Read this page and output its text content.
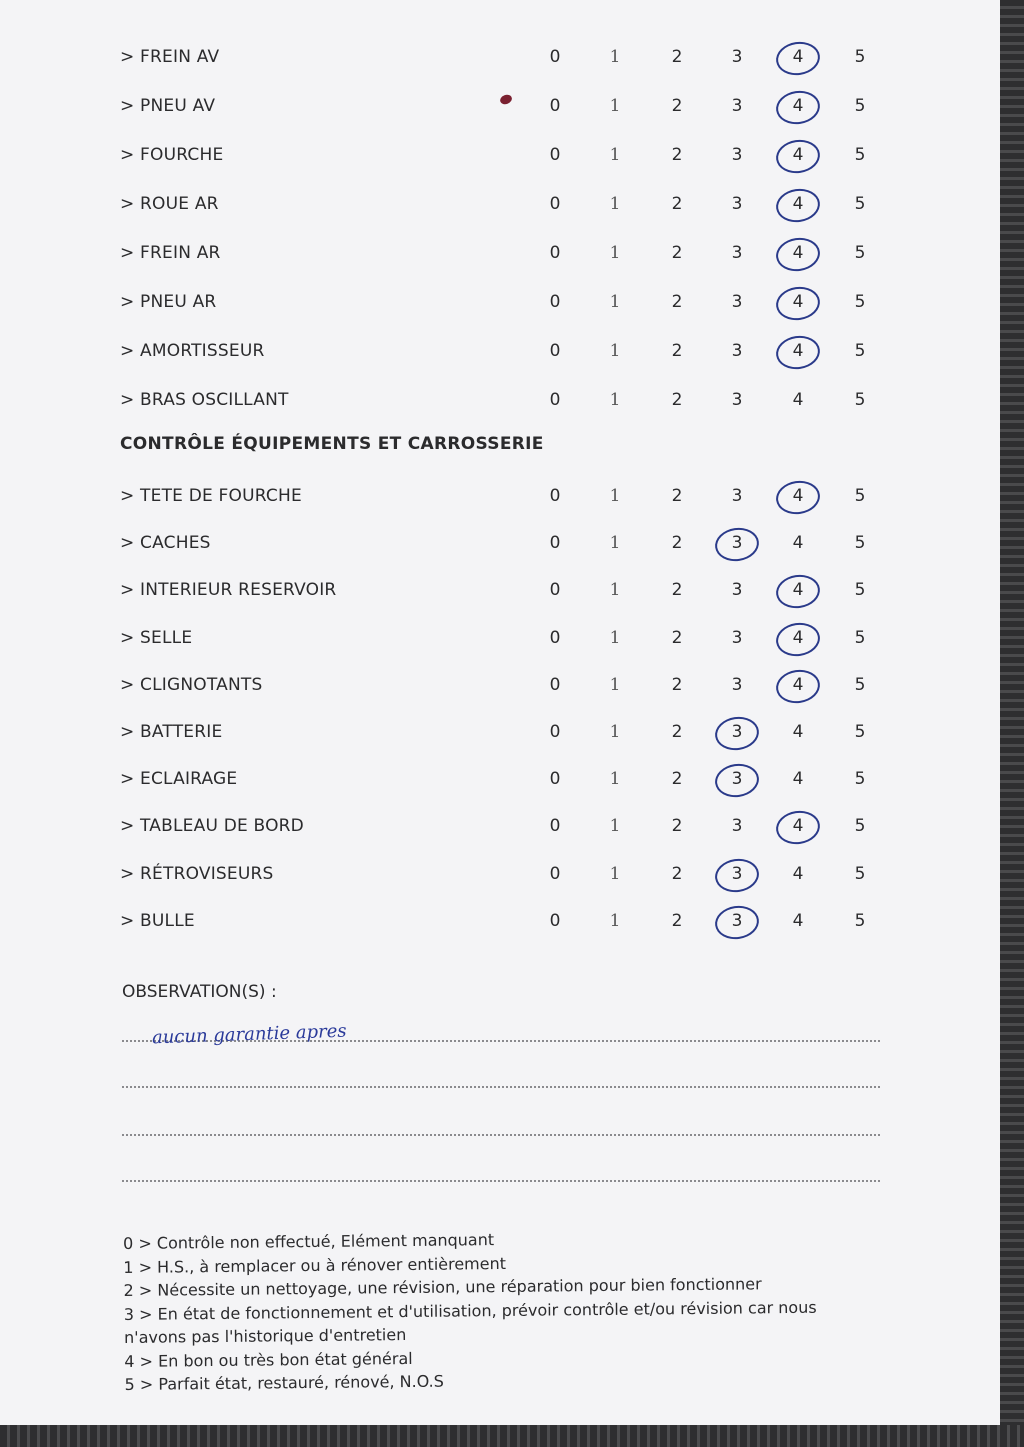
> FREIN AV	0	1	2	3	4	5
> PNEU AV	0	1	2	3	4	5
> FOURCHE	0	1	2	3	4	5
> ROUE AR	0	1	2	3	4	5
> FREIN AR	0	1	2	3	4	5
> PNEU AR	0	1	2	3	4	5
> AMORTISSEUR	0	1	2	3	4	5
> BRAS OSCILLANT	0	1	2	3	4	5
CONTRÔLE ÉQUIPEMENTS ET CARROSSERIE
> TETE DE FOURCHE	0	1	2	3	4	5
> CACHES	0	1	2	3	4	5
> INTERIEUR RESERVOIR	0	1	2	3	4	5
> SELLE	0	1	2	3	4	5
> CLIGNOTANTS	0	1	2	3	4	5
> BATTERIE	0	1	2	3	4	5
> ECLAIRAGE	0	1	2	3	4	5
> TABLEAU DE BORD	0	1	2	3	4	5
> RÉTROVISEURS	0	1	2	3	4	5
> BULLE	0	1	2	3	4	5
OBSERVATION(S) :
aucun garantie apres
0 > Contrôle non effectué, Elément manquant
1 > H.S., à remplacer ou à rénover entièrement
2 > Nécessite un nettoyage, une révision, une réparation pour bien fonctionner
3 > En état de fonctionnement et d'utilisation, prévoir contrôle et/ou révision car nous
n'avons pas l'historique d'entretien
4 > En bon ou très bon état général
5 > Parfait état, restauré, rénové, N.O.S
